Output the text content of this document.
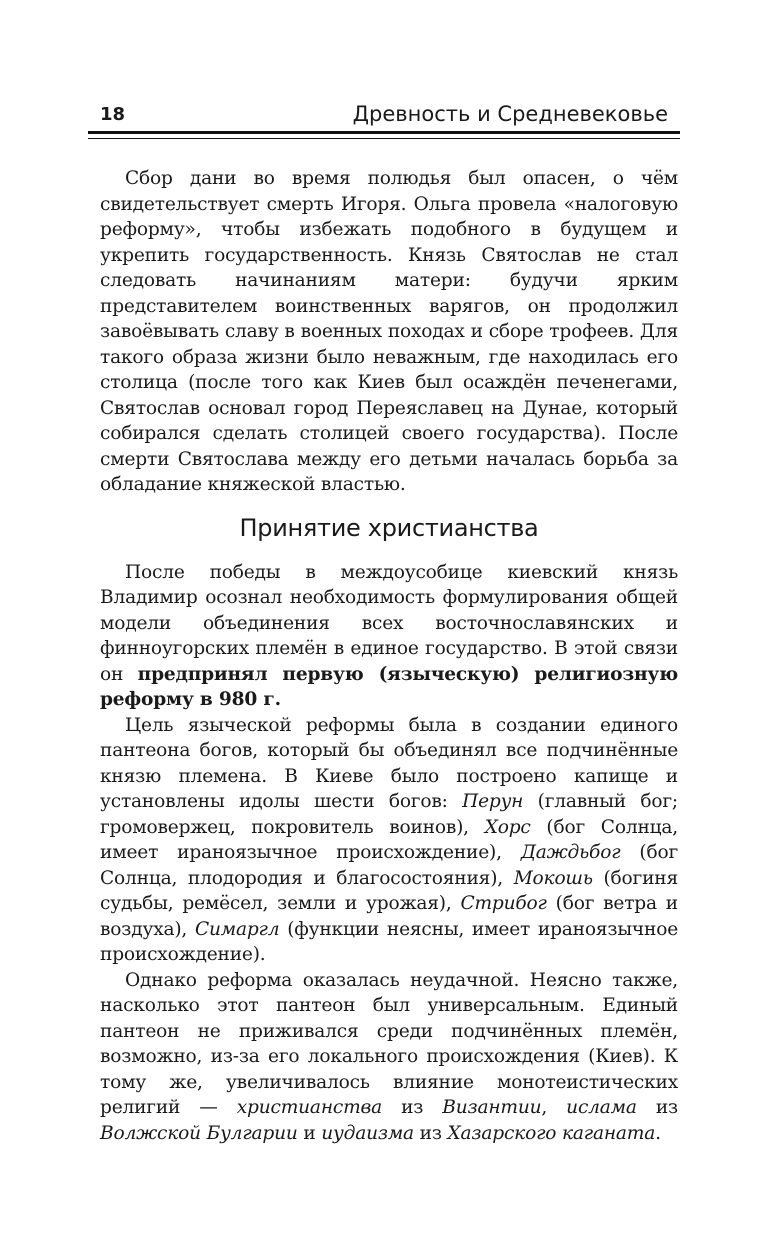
18	Древность и Средневековье

Сбор дани во время полюдья был опасен, о чём свидетельствует смерть Игоря. Ольга провела «налоговую реформу», чтобы избежать подобного в будущем и укрепить государственность. Князь Святослав не стал следовать начинаниям матери: будучи ярким представителем воинственных варягов, он продолжил завоёвывать славу в военных походах и сборе трофеев. Для такого образа жизни было неважным, где находилась его столица (после того как Киев был осаждён печенегами, Святослав основал город Переяславец на Дунае, который собирался сделать столицей своего государства). После смерти Святослава между его детьми началась борьба за обладание княжеской властью.

Принятие христианства

После победы в междоусобице киевский князь Владимир осознал необходимость формулирования общей модели объединения всех восточнославянских и финноугорских племён в единое государство. В этой связи он предпринял первую (языческую) религиозную реформу в 980 г.

Цель языческой реформы была в создании единого пантеона богов, который бы объединял все подчинённые князю племена. В Киеве было построено капище и установлены идолы шести богов: Перун (главный бог; громовержец, покровитель воинов), Хорс (бог Солнца, имеет ираноязычное происхождение), Даждьбог (бог Солнца, плодородия и благосостояния), Мокошь (богиня судьбы, ремёсел, земли и урожая), Стрибог (бог ветра и воздуха), Симаргл (функции неясны, имеет ираноязычное происхождение).

Однако реформа оказалась неудачной. Неясно также, насколько этот пантеон был универсальным. Единый пантеон не приживался среди подчинённых племён, возможно, из-за его локального происхождения (Киев). К тому же, увеличивалось влияние монотеистических религий — христианства из Византии, ислама из Волжской Булгарии и иудаизма из Хазарского каганата.
